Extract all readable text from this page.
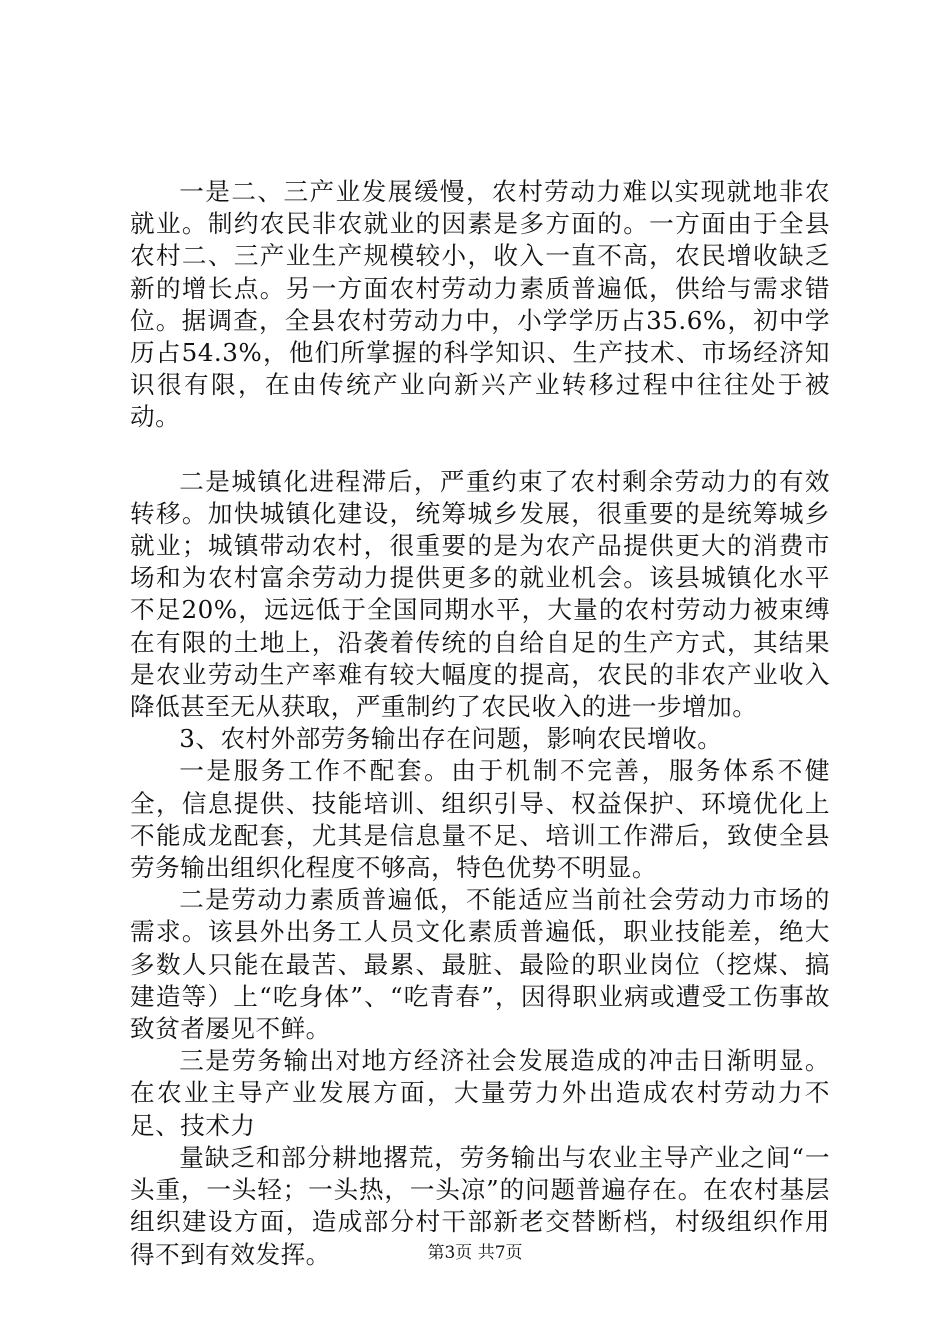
一是二、三产业发展缓慢，农村劳动力难以实现就地非农就业。制约农民非农就业的因素是多方面的。一方面由于全县农村二、三产业生产规模较小，收入一直不高，农民增收缺乏新的增长点。另一方面农村劳动力素质普遍低，供给与需求错位。据调查，全县农村劳动力中，小学学历占35.6%，初中学历占54.3%，他们所掌握的科学知识、生产技术、市场经济知识很有限，在由传统产业向新兴产业转移过程中往往处于被动。

二是城镇化进程滞后，严重约束了农村剩余劳动力的有效转移。加快城镇化建设，统筹城乡发展，很重要的是统筹城乡就业；城镇带动农村，很重要的是为农产品提供更大的消费市场和为农村富余劳动力提供更多的就业机会。该县城镇化水平不足20%，远远低于全国同期水平，大量的农村劳动力被束缚在有限的土地上，沿袭着传统的自给自足的生产方式，其结果是农业劳动生产率难有较大幅度的提高，农民的非农产业收入降低甚至无从获取，严重制约了农民收入的进一步增加。

3、农村外部劳务输出存在问题，影响农民增收。

一是服务工作不配套。由于机制不完善，服务体系不健全，信息提供、技能培训、组织引导、权益保护、环境优化上不能成龙配套，尤其是信息量不足、培训工作滞后，致使全县劳务输出组织化程度不够高，特色优势不明显。

二是劳动力素质普遍低，不能适应当前社会劳动力市场的需求。该县外出务工人员文化素质普遍低，职业技能差，绝大多数人只能在最苦、最累、最脏、最险的职业岗位（挖煤、搞建造等）上“吃身体”、“吃青春”，因得职业病或遭受工伤事故致贫者屡见不鲜。

三是劳务输出对地方经济社会发展造成的冲击日渐明显。在农业主导产业发展方面，大量劳力外出造成农村劳动力不足、技术力

量缺乏和部分耕地撂荒，劳务输出与农业主导产业之间“一头重，一头轻；一头热，一头凉”的问题普遍存在。在农村基层组织建设方面，造成部分村干部新老交替断档，村级组织作用得不到有效发挥。	第3页 共7页
